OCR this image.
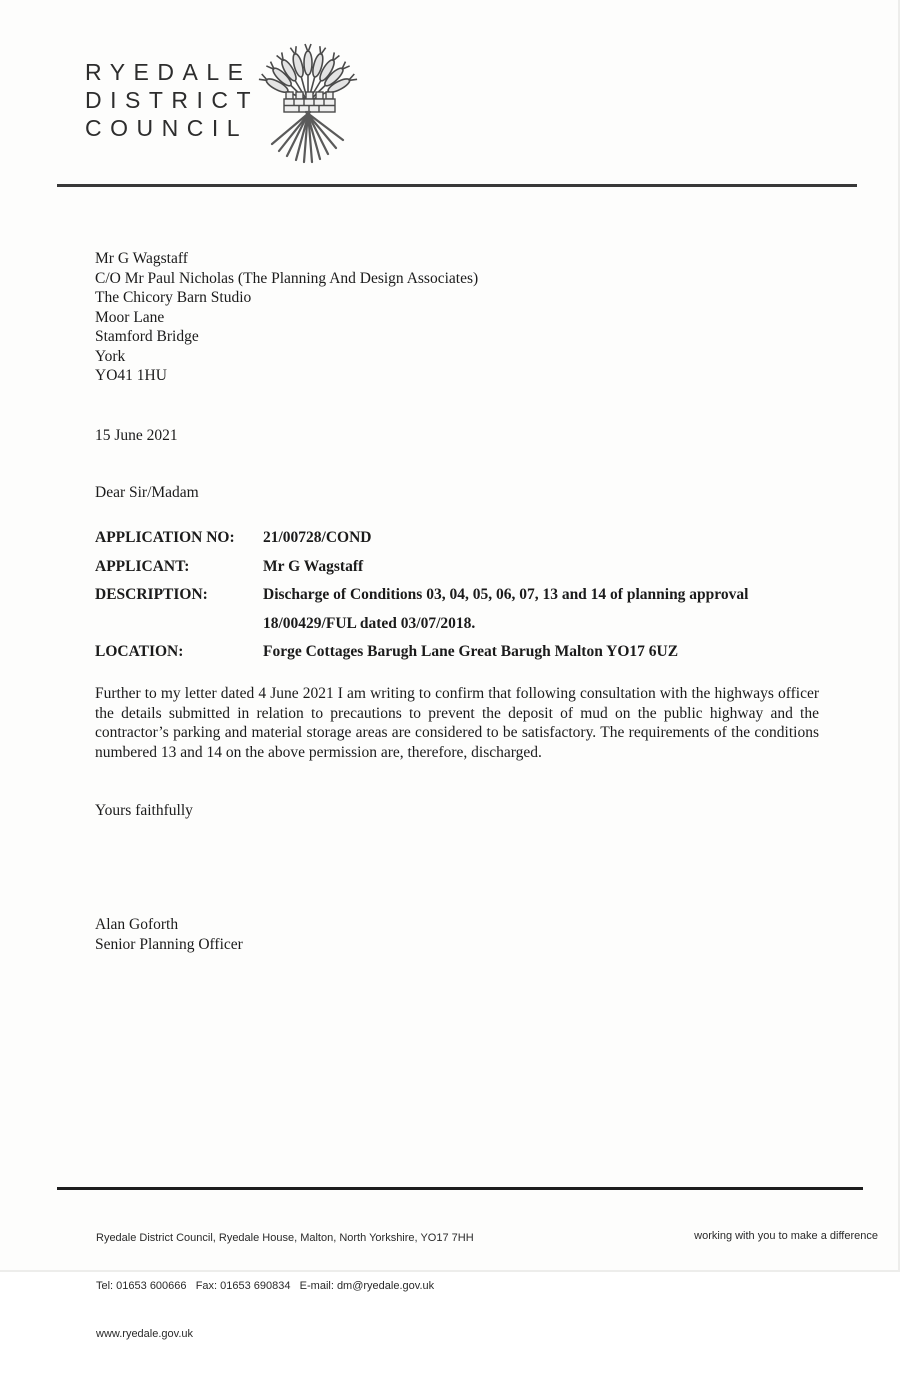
RYEDALE
DISTRICT
COUNCIL
Mr G Wagstaff
C/O Mr Paul Nicholas (The Planning And Design Associates)
The Chicory Barn Studio
Moor Lane
Stamford Bridge
York
YO41 1HU
15 June 2021
Dear Sir/Madam
APPLICATION NO:	21/00728/COND
APPLICANT:	Mr G Wagstaff
DESCRIPTION:	Discharge of Conditions 03, 04, 05, 06, 07, 13 and 14 of planning approval 18/00429/FUL dated 03/07/2018.
LOCATION:	Forge Cottages Barugh Lane Great Barugh Malton YO17 6UZ

Further to my letter dated 4 June 2021 I am writing to confirm that following consultation with the highways officer the details submitted in relation to precautions to prevent the deposit of mud on the public highway and the contractor’s parking and material storage areas are considered to be satisfactory. The requirements of the conditions numbered 13 and 14 on the above permission are, therefore, discharged.

Yours faithfully
Alan Goforth
Senior Planning Officer

Ryedale District Council, Ryedale House, Malton, North Yorkshire, YO17 7HH

Tel: 01653 600666   Fax: 01653 690834   E-mail: dm@ryedale.gov.uk

www.ryedale.gov.uk

working with you to make a difference
